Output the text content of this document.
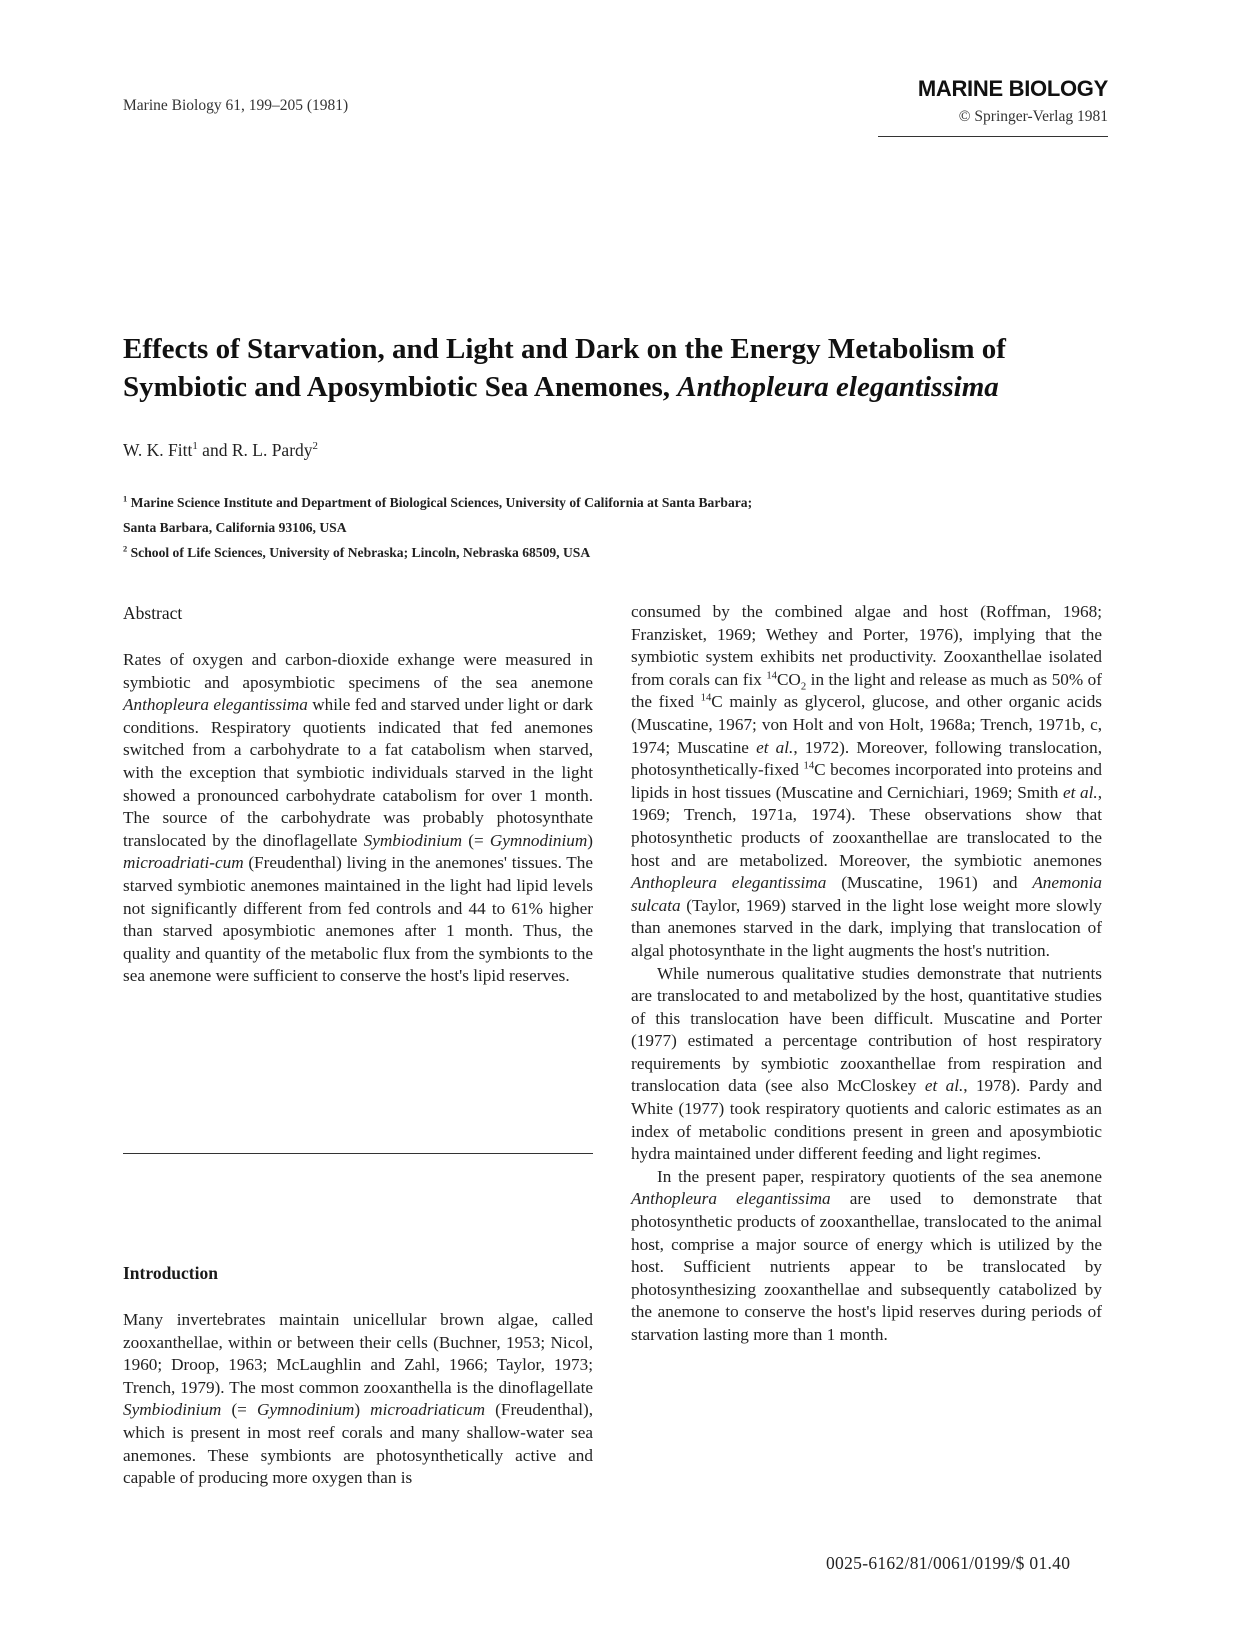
Marine Biology 61, 199–205 (1981)
MARINE BIOLOGY
© Springer-Verlag 1981
Effects of Starvation, and Light and Dark on the Energy Metabolism of Symbiotic and Aposymbiotic Sea Anemones, Anthopleura elegantissima
W. K. Fitt$^1$ and R. L. Pardy$^2$
$^1$ Marine Science Institute and Department of Biological Sciences, University of California at Santa Barbara;
Santa Barbara, California 93106, USA
$^2$ School of Life Sciences, University of Nebraska; Lincoln, Nebraska 68509, USA
Abstract

Rates of oxygen and carbon-dioxide exhange were measured in symbiotic and aposymbiotic specimens of the sea anemone Anthopleura elegantissima while fed and starved under light or dark conditions. Respiratory quotients indicated that fed anemones switched from a carbohydrate to a fat catabolism when starved, with the exception that symbiotic individuals starved in the light showed a pronounced carbohydrate catabolism for over 1 month. The source of the carbohydrate was probably photosynthate translocated by the dinoflagellate Symbiodinium (= Gymnodinium) microadriati-cum (Freudenthal) living in the anemones' tissues. The starved symbiotic anemones maintained in the light had lipid levels not significantly different from fed controls and 44 to 61% higher than starved aposymbiotic anemones after 1 month. Thus, the quality and quantity of the metabolic flux from the symbionts to the sea anemone were sufficient to conserve the host's lipid reserves.

Introduction

Many invertebrates maintain unicellular brown algae, called zooxanthellae, within or between their cells (Buchner, 1953; Nicol, 1960; Droop, 1963; McLaughlin and Zahl, 1966; Taylor, 1973; Trench, 1979). The most common zooxanthella is the dinoflagellate Symbiodinium (= Gymnodinium) microadriaticum (Freudenthal), which is present in most reef corals and many shallow-water sea anemones. These symbionts are photosynthetically active and capable of producing more oxygen than is

consumed by the combined algae and host (Roffman, 1968; Franzisket, 1969; Wethey and Porter, 1976), implying that the symbiotic system exhibits net productivity. Zooxanthellae isolated from corals can fix $^{14}CO_2$ in the light and release as much as 50% of the fixed $^{14}$C mainly as glycerol, glucose, and other organic acids (Muscatine, 1967; von Holt and von Holt, 1968a; Trench, 1971b, c, 1974; Muscatine et al., 1972). Moreover, following translocation, photosynthetically-fixed $^{14}$C becomes incorporated into proteins and lipids in host tissues (Muscatine and Cernichiari, 1969; Smith et al., 1969; Trench, 1971a, 1974). These observations show that photosynthetic products of zooxanthellae are translocated to the host and are metabolized. Moreover, the symbiotic anemones Anthopleura elegantissima (Muscatine, 1961) and Anemonia sulcata (Taylor, 1969) starved in the light lose weight more slowly than anemones starved in the dark, implying that translocation of algal photosynthate in the light augments the host's nutrition.

While numerous qualitative studies demonstrate that nutrients are translocated to and metabolized by the host, quantitative studies of this translocation have been difficult. Muscatine and Porter (1977) estimated a percentage contribution of host respiratory requirements by symbiotic zooxanthellae from respiration and translocation data (see also McCloskey et al., 1978). Pardy and White (1977) took respiratory quotients and caloric estimates as an index of metabolic conditions present in green and aposymbiotic hydra maintained under different feeding and light regimes.

In the present paper, respiratory quotients of the sea anemone Anthopleura elegantissima are used to demonstrate that photosynthetic products of zooxanthellae, translocated to the animal host, comprise a major source of energy which is utilized by the host. Sufficient nutrients appear to be translocated by photosynthesizing zooxanthellae and subsequently catabolized by the anemone to conserve the host's lipid reserves during periods of starvation lasting more than 1 month.

0025-6162/81/0061/0199/$ 01.40
